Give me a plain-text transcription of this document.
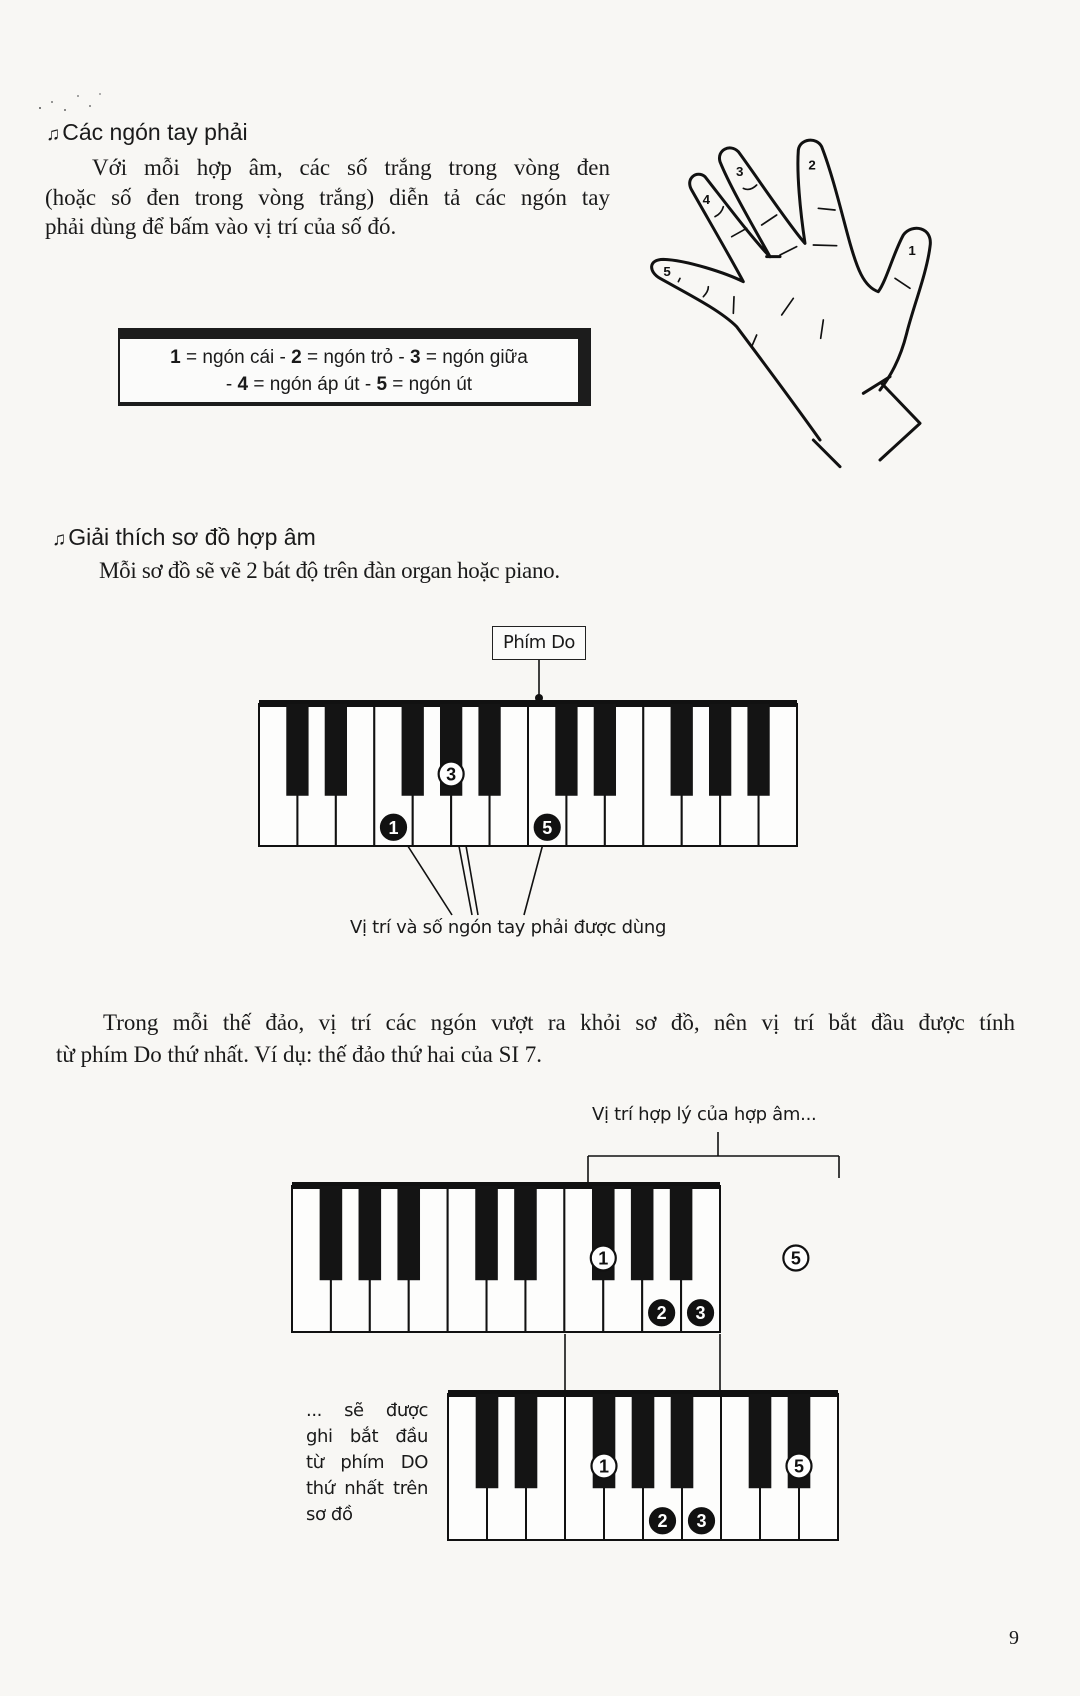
♫Các ngón tay phải
Với mỗi hợp âm, các số trắng trong vòng đen
(hoặc số đen trong vòng trắng) diễn tả các ngón tay
phải dùng để bấm vào vị trí của số đó.
1 = ngón cái - 2 = ngón trỏ - 3 = ngón giữa
- 4 = ngón áp út - 5 = ngón út
1
2
3
4
5
♫Giải thích sơ đồ hợp âm
Mỗi sơ đồ sẽ vẽ 2 bát độ trên đàn organ hoặc piano.
Phím Do
1
3
5
Vị trí và số ngón tay phải được dùng
Trong mỗi thế đảo, vị trí các ngón vượt ra khỏi sơ đồ, nên vị trí bắt đầu được tính
từ phím Do thứ nhất. Ví dụ: thế đảo thứ hai của SI 7.
Vị trí hợp lý của hợp âm...
1
2 3
5
1
2 3
5
... sẽ được
ghi bắt đầu
từ phím DO
thứ nhất trên
sơ đồ
9
